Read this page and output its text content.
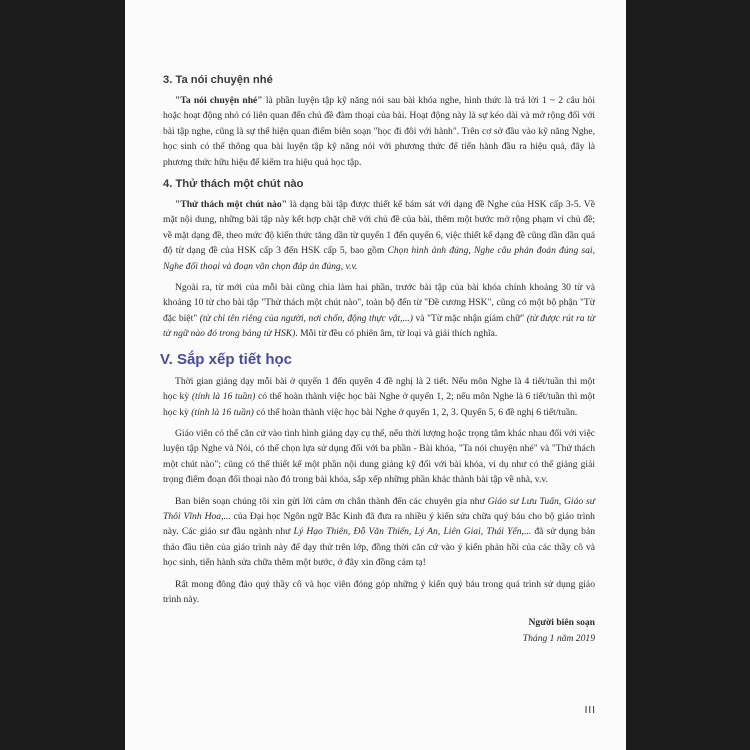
3. Ta nói chuyện nhé

"Ta nói chuyện nhé" là phần luyện tập kỹ năng nói sau bài khóa nghe, hình thức là trả lời 1 ~ 2 câu hỏi hoặc hoạt động nhỏ có liên quan đến chủ đề đàm thoại của bài. Hoạt động này là sự kéo dài và mở rộng đối với bài tập nghe, cũng là sự thể hiện quan điểm biên soạn "học đi đôi với hành". Trên cơ sở đầu vào kỹ năng Nghe, học sinh có thể thông qua bài luyện tập kỹ năng nói với phương thức để tiến hành đầu ra hiệu quả, đây là phương thức hữu hiệu để kiểm tra hiệu quả học tập.

4. Thử thách một chút nào

"Thử thách một chút nào" là dạng bài tập được thiết kế bám sát với dạng đề Nghe của HSK cấp 3-5. Về mặt nội dung, những bài tập này kết hợp chặt chẽ với chủ đề của bài, thêm một bước mở rộng phạm vi chủ đề; về mặt dạng đề, theo mức độ kiến thức tăng dần từ quyển 1 đến quyển 6, việc thiết kế dạng đề cũng dần dần quá độ từ dạng đề của HSK cấp 3 đến HSK cấp 5, bao gồm Chọn hình ảnh đúng, Nghe câu phán đoán đúng sai, Nghe đối thoại và đoạn văn chọn đáp án đúng, v.v.

Ngoài ra, từ mới của mỗi bài cũng chia làm hai phần, trước bài tập của bài khóa chính khoảng 30 từ và khoảng 10 từ cho bài tập "Thử thách một chút nào", toàn bộ đến từ "Đề cương HSK", cũng có một bộ phận "Từ đặc biệt" (từ chỉ tên riêng của người, nơi chốn, động thực vật,...) và "Từ mặc nhận giám chữ" (từ được rút ra từ từ ngữ nào đó trong bảng từ HSK). Mỗi từ đều có phiên âm, từ loại và giải thích nghĩa.

V. Sắp xếp tiết học

Thời gian giảng dạy mỗi bài ở quyển 1 đến quyển 4 đề nghị là 2 tiết. Nếu môn Nghe là 4 tiết/tuần thì một học kỳ (tính là 16 tuần) có thể hoàn thành việc học bài Nghe ở quyển 1, 2; nếu môn Nghe là 6 tiết/tuần thì một học kỳ (tính là 16 tuần) có thể hoàn thành việc học bài Nghe ở quyển 1, 2, 3. Quyển 5, 6 đề nghị 6 tiết/tuần.

Giáo viên có thể căn cứ vào tình hình giảng dạy cụ thể, nếu thời lượng hoặc trọng tâm khác nhau đối với việc luyện tập Nghe và Nói, có thể chọn lựa sử dụng đối với ba phần - Bài khóa, "Ta nói chuyện nhé" và "Thử thách một chút nào"; cũng có thể thiết kế một phần nội dung giảng kỹ đối với bài khóa, ví dụ như có thể giảng giải trọng điểm đoạn đối thoại nào đó trong bài khóa, sắp xếp những phần khác thành bài tập về nhà, v.v.

Ban biên soạn chúng tôi xin gửi lời cảm ơn chân thành đến các chuyên gia như Giáo sư Lưu Tuấn, Giáo sư Thôi Vĩnh Hoa,... của Đại học Ngôn ngữ Bắc Kinh đã đưa ra nhiều ý kiến sửa chữa quý báu cho bộ giáo trình này. Các giáo sư đầu ngành như Lý Hạo Thiên, Đỗ Văn Thiến, Lý An, Liên Giai, Thái Yến,... đã sử dụng bản thảo đầu tiên của giáo trình này để dạy thử trên lớp, đồng thời căn cứ vào ý kiến phản hồi của các thầy cô và học sinh, tiến hành sửa chữa thêm một bước, ở đây xin đồng cảm tạ!

Rất mong đông đảo quý thầy cô và học viên đóng góp những ý kiến quý báu trong quá trình sử dụng giáo trình này.

Người biên soạn
Tháng 1 năm 2019
III
